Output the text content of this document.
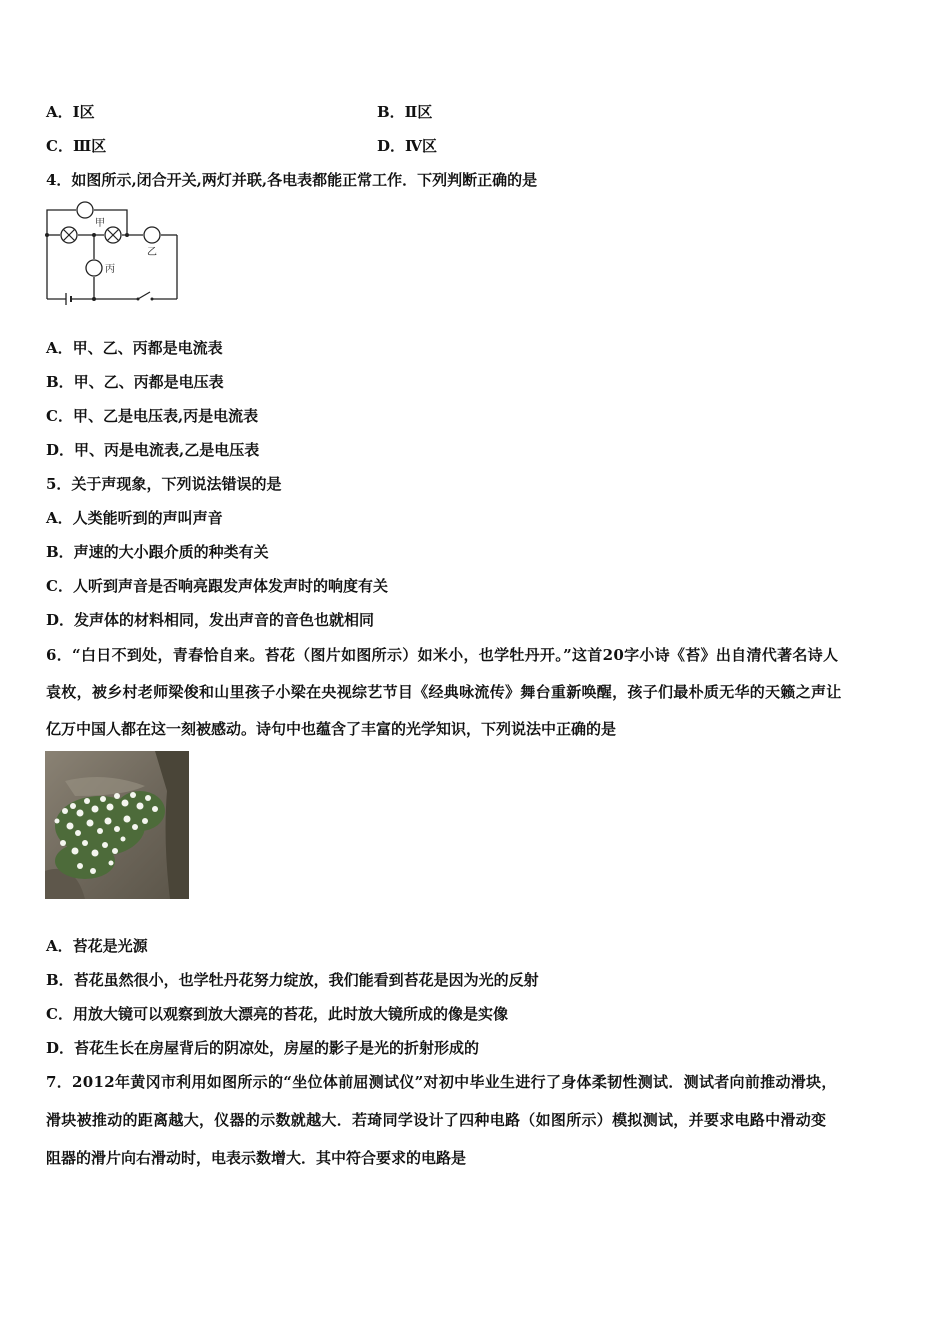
A．Ⅰ区	B．Ⅱ区
C．Ⅲ区	D．Ⅳ区
4．如图所示,闭合开关,两灯并联,各电表都能正常工作．下列判断正确的是
甲
乙
丙
A．甲、乙、丙都是电流表
B．甲、乙、丙都是电压表
C．甲、乙是电压表,丙是电流表
D．甲、丙是电流表,乙是电压表
5．关于声现象，下列说法错误的是
A．人类能听到的声叫声音
B．声速的大小跟介质的种类有关
C．人听到声音是否响亮跟发声体发声时的响度有关
D．发声体的材料相同，发出声音的音色也就相同
6．“白日不到处，青春恰自来。苔花（图片如图所示）如米小，也学牡丹开。”这首20字小诗《苔》出自清代著名诗人
袁枚，被乡村老师梁俊和山里孩子小梁在央视综艺节目《经典咏流传》舞台重新唤醒，孩子们最朴质无华的天籁之声让
亿万中国人都在这一刻被感动。诗句中也蕴含了丰富的光学知识，下列说法中正确的是
A．苔花是光源
B．苔花虽然很小，也学牡丹花努力绽放，我们能看到苔花是因为光的反射
C．用放大镜可以观察到放大漂亮的苔花，此时放大镜所成的像是实像
D．苔花生长在房屋背后的阴凉处，房屋的影子是光的折射形成的
7．2012年黄冈市利用如图所示的“坐位体前屈测试仪”对初中毕业生进行了身体柔韧性测试．测试者向前推动滑块，
滑块被推动的距离越大，仪器的示数就越大．若琦同学设计了四种电路（如图所示）模拟测试，并要求电路中滑动变
阻器的滑片向右滑动时，电表示数增大．其中符合要求的电路是
